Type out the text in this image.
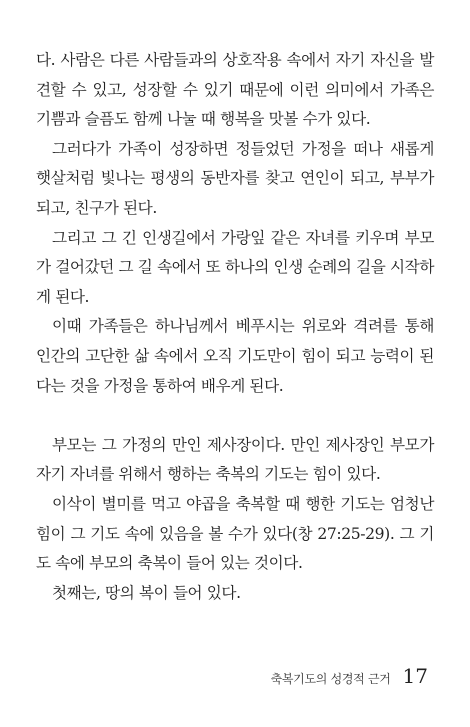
다. 사람은 다른 사람들과의 상호작용 속에서 자기 자신을 발견할 수 있고, 성장할 수 있기 때문에 이런 의미에서 가족은 기쁨과 슬픔도 함께 나눌 때 행복을 맛볼 수가 있다.

그러다가 가족이 성장하면 정들었던 가정을 떠나 새롭게 햇살처럼 빛나는 평생의 동반자를 찾고 연인이 되고, 부부가 되고, 친구가 된다.

그리고 그 긴 인생길에서 가랑잎 같은 자녀를 키우며 부모가 걸어갔던 그 길 속에서 또 하나의 인생 순례의 길을 시작하게 된다.

이때 가족들은 하나님께서 베푸시는 위로와 격려를 통해 인간의 고단한 삶 속에서 오직 기도만이 힘이 되고 능력이 된다는 것을 가정을 통하여 배우게 된다.

부모는 그 가정의 만인 제사장이다. 만인 제사장인 부모가 자기 자녀를 위해서 행하는 축복의 기도는 힘이 있다.

이삭이 별미를 먹고 야곱을 축복할 때 행한 기도는 엄청난 힘이 그 기도 속에 있음을 볼 수가 있다(창 27:25-29). 그 기도 속에 부모의 축복이 들어 있는 것이다.

첫째는, 땅의 복이 들어 있다.

축복기도의 성경적 근거 17
